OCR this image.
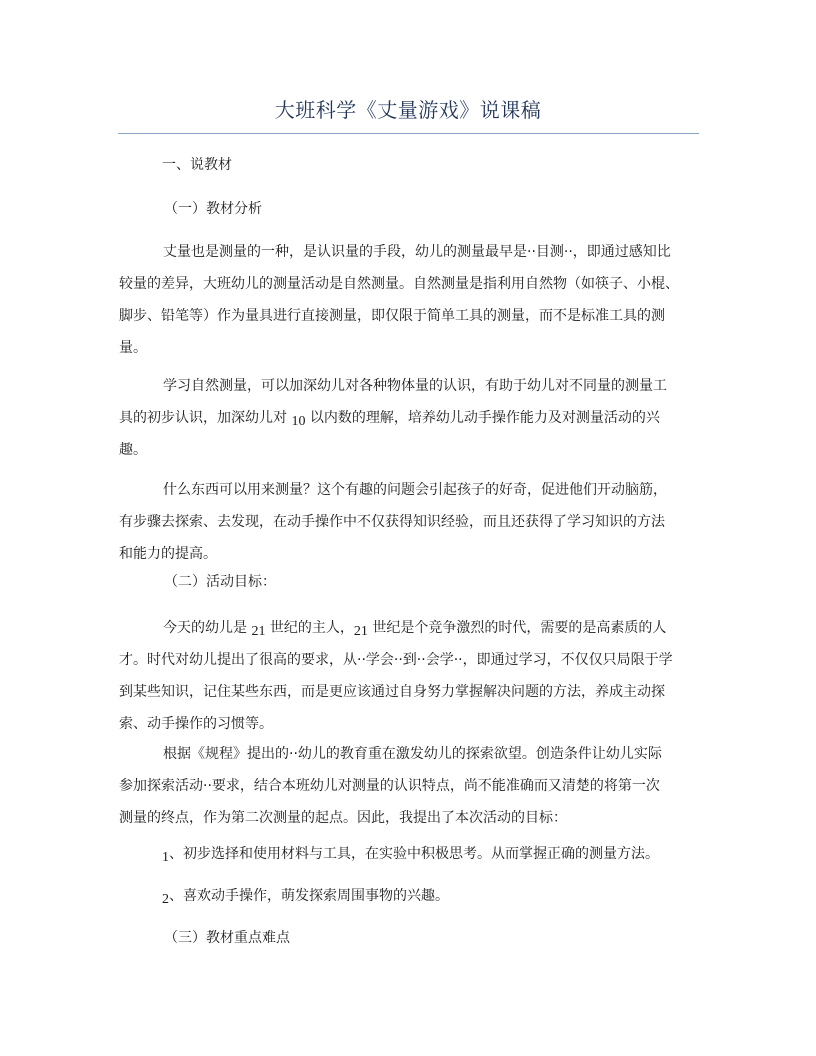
大班科学《丈量游戏》说课稿
一、说教材
（一）教材分析
丈量也是测量的一种，是认识量的手段，幼儿的测量最早是··目测··，即通过感知比
较量的差异，大班幼儿的测量活动是自然测量。自然测量是指利用自然物（如筷子、小棍、
脚步、铅笔等）作为量具进行直接测量，即仅限于简单工具的测量，而不是标准工具的测
量。
学习自然测量，可以加深幼儿对各种物体量的认识，有助于幼儿对不同量的测量工
具的初步认识，加深幼儿对 10 以内数的理解，培养幼儿动手操作能力及对测量活动的兴
趣。
什么东西可以用来测量？这个有趣的问题会引起孩子的好奇，促进他们开动脑筋，
有步骤去探索、去发现，在动手操作中不仅获得知识经验，而且还获得了学习知识的方法
和能力的提高。
（二）活动目标：
今天的幼儿是 21 世纪的主人，21 世纪是个竞争激烈的时代，需要的是高素质的人
才。时代对幼儿提出了很高的要求，从··学会··到··会学··，即通过学习，不仅仅只局限于学
到某些知识，记住某些东西，而是更应该通过自身努力掌握解决问题的方法，养成主动探
索、动手操作的习惯等。
根据《规程》提出的··幼儿的教育重在激发幼儿的探索欲望。创造条件让幼儿实际
参加探索活动··要求，结合本班幼儿对测量的认识特点，尚不能准确而又清楚的将第一次
测量的终点，作为第二次测量的起点。因此，我提出了本次活动的目标：
1、初步选择和使用材料与工具，在实验中积极思考。从而掌握正确的测量方法。
2、喜欢动手操作，萌发探索周围事物的兴趣。
（三）教材重点难点
